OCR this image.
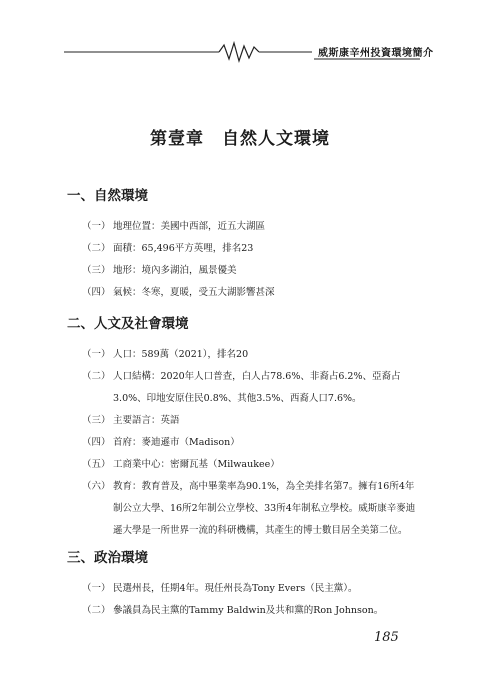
威斯康辛州投資環境簡介
第壹章　自然人文環境
一、自然環境
（一） 地理位置：美國中西部，近五大湖區
（二） 面積：65,496平方英哩，排名23
（三） 地形：境內多湖泊，風景優美
（四） 氣候：冬寒，夏暖，受五大湖影響甚深
二、人文及社會環境
（一） 人口：589萬（2021），排名20
（二） 人口結構：2020年人口普查，白人占78.6%、非裔占6.2%、亞裔占3.0%、印地安原住民0.8%、其他3.5%、西裔人口7.6%。
（三） 主要語言：英語
（四） 首府：麥迪遜市（Madison）
（五） 工商業中心：密爾瓦基（Milwaukee）
（六） 教育：教育普及，高中畢業率為90.1%，為全美排名第7。擁有16所4年制公立大學、16所2年制公立學校、33所4年制私立學校。威斯康辛麥迪遜大學是一所世界一流的科研機構，其產生的博士數目居全美第二位。
三、政治環境
（一） 民選州長，任期4年。現任州長為Tony Evers（民主黨）。
（二） 參議員為民主黨的Tammy Baldwin及共和黨的Ron Johnson。
185
